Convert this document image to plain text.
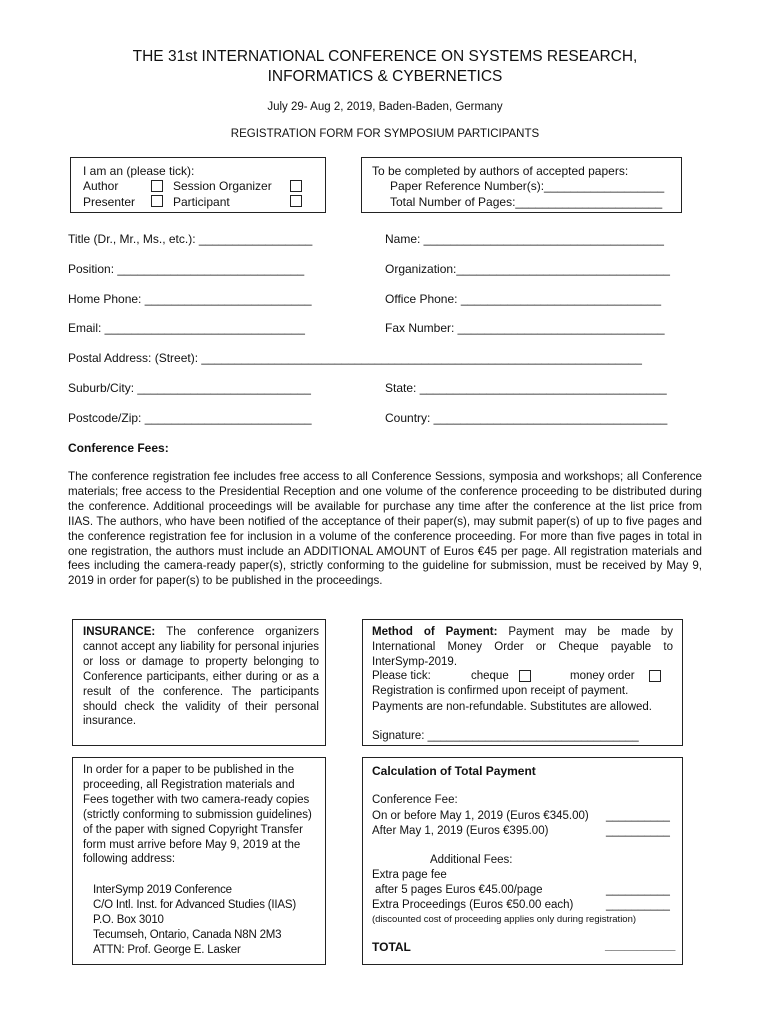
THE 31st INTERNATIONAL CONFERENCE ON SYSTEMS RESEARCH,
INFORMATICS & CYBERNETICS
July 29- Aug 2, 2019, Baden-Baden, Germany
REGISTRATION FORM FOR SYMPOSIUM PARTICIPANTS
I am an (please tick):
Author	Session Organizer
Presenter	Participant
To be completed by authors of accepted papers:
Paper Reference Number(s):__________________
Total Number of Pages:______________________
Title (Dr., Mr., Ms., etc.): _________________	Name: ____________________________________
Position: ____________________________	Organization:________________________________
Home Phone: _________________________	Office Phone: ______________________________
Email: ______________________________	Fax Number: _______________________________
Postal Address: (Street): __________________________________________________________________
Suburb/City: __________________________	State: _____________________________________
Postcode/Zip: _________________________	Country: ___________________________________
Conference Fees:
The conference registration fee includes free access to all Conference Sessions, symposia and workshops; all Conference materials; free access to the Presidential Reception and one volume of the conference proceeding to be distributed during the conference. Additional proceedings will be available for purchase any time after the conference at the list price from IIAS. The authors, who have been notified of the acceptance of their paper(s), may submit paper(s) of up to five pages and the conference registration fee for inclusion in a volume of the conference proceeding. For more than five pages in total in one registration, the authors must include an ADDITIONAL AMOUNT of Euros €45 per page. All registration materials and fees including the camera-ready paper(s), strictly conforming to the guideline for submission, must be received by May 9, 2019 in order for paper(s) to be published in the proceedings.
INSURANCE: The conference organizers cannot accept any liability for personal injuries or loss or damage to property belonging to Conference participants, either during or as a result of the conference. The participants should check the validity of their personal insurance.
Method of Payment: Payment may be made by International Money Order or Cheque payable to InterSymp-2019.
Please tick:	cheque	money order
Registration is confirmed upon receipt of payment.
Payments are non-refundable. Substitutes are allowed.
Signature: _________________________________
In order for a paper to be published in the proceeding, all Registration materials and Fees together with two camera-ready copies (strictly conforming to submission guidelines) of the paper with signed Copyright Transfer form must arrive before May 9, 2019 at the following address:
InterSymp 2019 Conference
C/O Intl. Inst. for Advanced Studies (IIAS)
P.O. Box 3010
Tecumseh, Ontario, Canada N8N 2M3
ATTN: Prof. George E. Lasker
Calculation of Total Payment
Conference Fee:
On or before May 1, 2019 (Euros €345.00) __________
After May 1, 2019 (Euros €395.00)	__________
Additional Fees:
Extra page fee
after 5 pages Euros €45.00/page	__________
Extra Proceedings (Euros €50.00 each)	__________
(discounted cost of proceeding applies only during registration)
TOTAL	___________
